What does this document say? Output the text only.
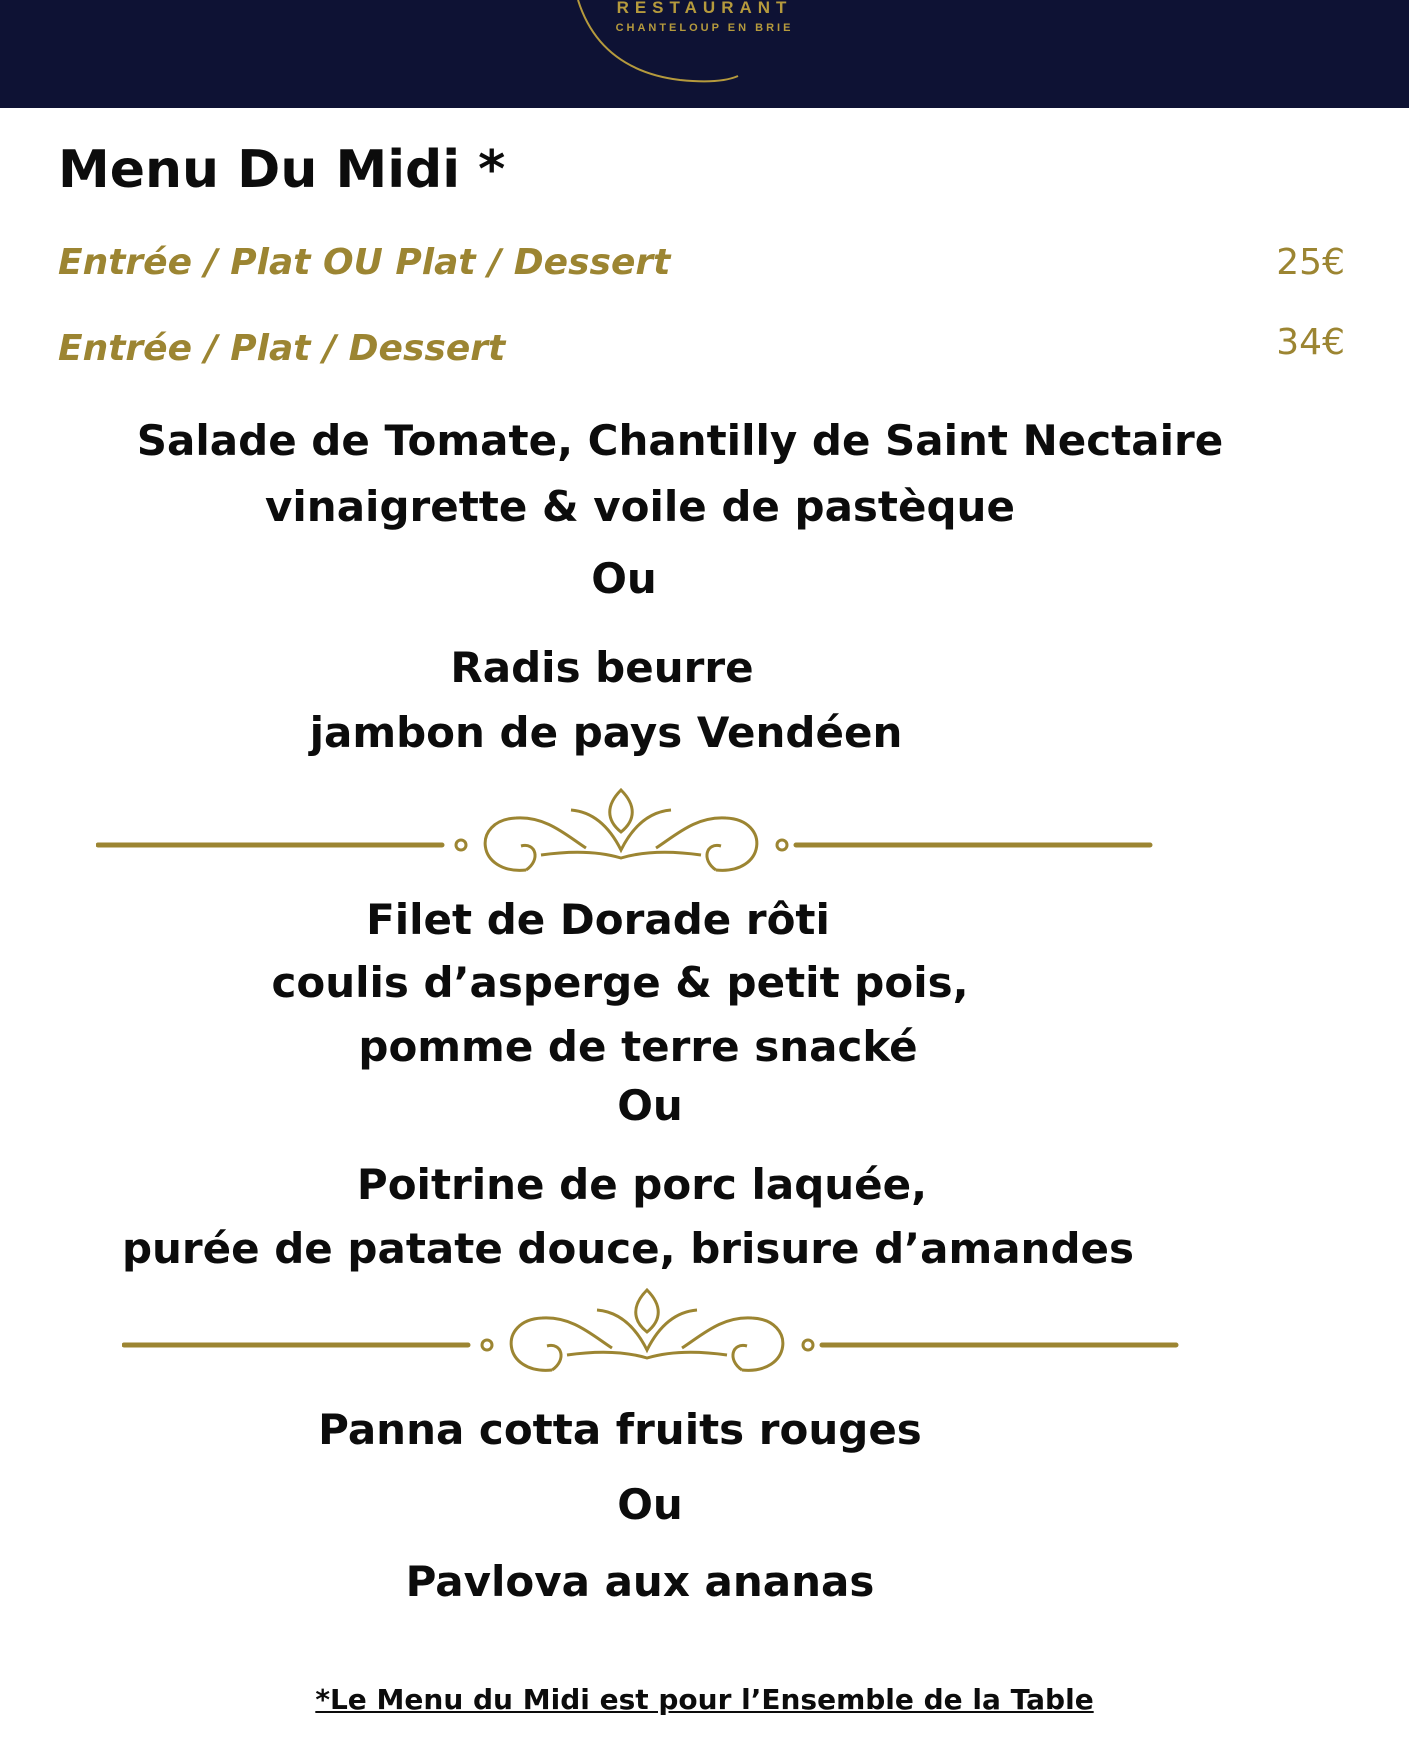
RESTAURANT
CHANTELOUP EN BRIE
Menu Du Midi *
Entrée / Plat OU Plat / Dessert	25€
Entrée / Plat / Dessert	34€
Salade de Tomate, Chantilly de Saint Nectaire
vinaigrette & voile de pastèque
Ou
Radis beurre
jambon de pays Vendéen
Filet de Dorade rôti
coulis d’asperge & petit pois,
pomme de terre snacké
Ou
Poitrine de porc laquée,
purée de patate douce, brisure d’amandes
Panna cotta fruits rouges
Ou
Pavlova aux ananas
*Le Menu du Midi est pour l’Ensemble de la Table
